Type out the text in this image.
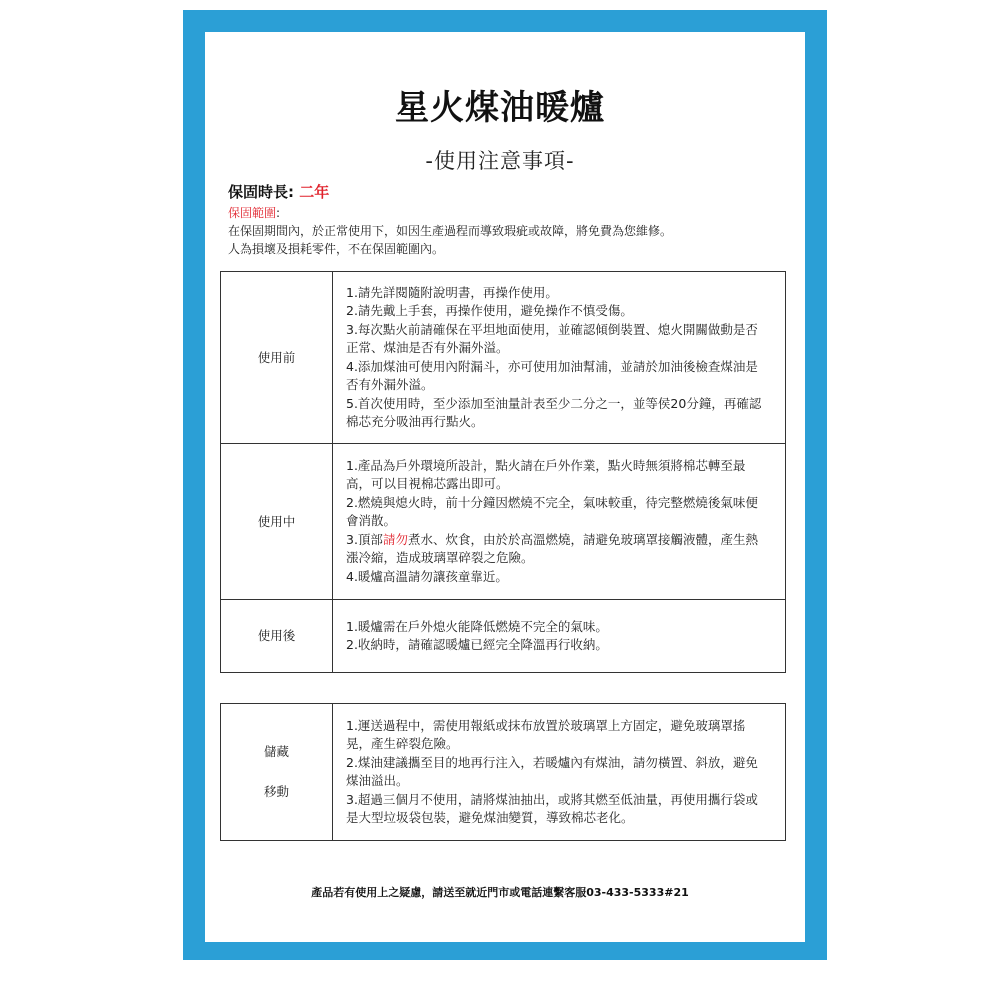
星火煤油暖爐
-使用注意事項-
保固時長: 二年
保固範圍:
在保固期間內，於正常使用下，如因生產過程而導致瑕疵或故障，將免費為您維修。
人為損壞及損耗零件，不在保固範圍內。
使用前
1.請先詳閱隨附說明書，再操作使用。
2.請先戴上手套，再操作使用，避免操作不慎受傷。
3.每次點火前請確保在平坦地面使用，並確認傾倒裝置、熄火開關做動是否正常、煤油是否有外漏外溢。
4.添加煤油可使用內附漏斗，亦可使用加油幫浦，並請於加油後檢查煤油是否有外漏外溢。
5.首次使用時，至少添加至油量計表至少二分之一，並等侯20分鐘，再確認棉芯充分吸油再行點火。
使用中
1.產品為戶外環境所設計，點火請在戶外作業，點火時無須將棉芯轉至最高，可以目視棉芯露出即可。
2.燃燒與熄火時，前十分鐘因燃燒不完全，氣味較重，待完整燃燒後氣味便會消散。
3.頂部請勿煮水、炊食，由於於高溫燃燒，請避免玻璃罩接觸液體，產生熱漲冷縮，造成玻璃罩碎裂之危險。
4.暖爐高溫請勿讓孩童靠近。
使用後
1.暖爐需在戶外熄火能降低燃燒不完全的氣味。
2.收納時，請確認暖爐已經完全降溫再行收納。
儲藏
移動
1.運送過程中，需使用報紙或抹布放置於玻璃罩上方固定，避免玻璃罩搖晃，產生碎裂危險。
2.煤油建議攜至目的地再行注入，若暖爐內有煤油，請勿橫置、斜放，避免煤油溢出。
3.超過三個月不使用，請將煤油抽出，或將其燃至低油量，再使用攜行袋或是大型垃圾袋包裝，避免煤油變質，導致棉芯老化。
產品若有使用上之疑慮，請送至就近門市或電話連繫客服03-433-5333#21
